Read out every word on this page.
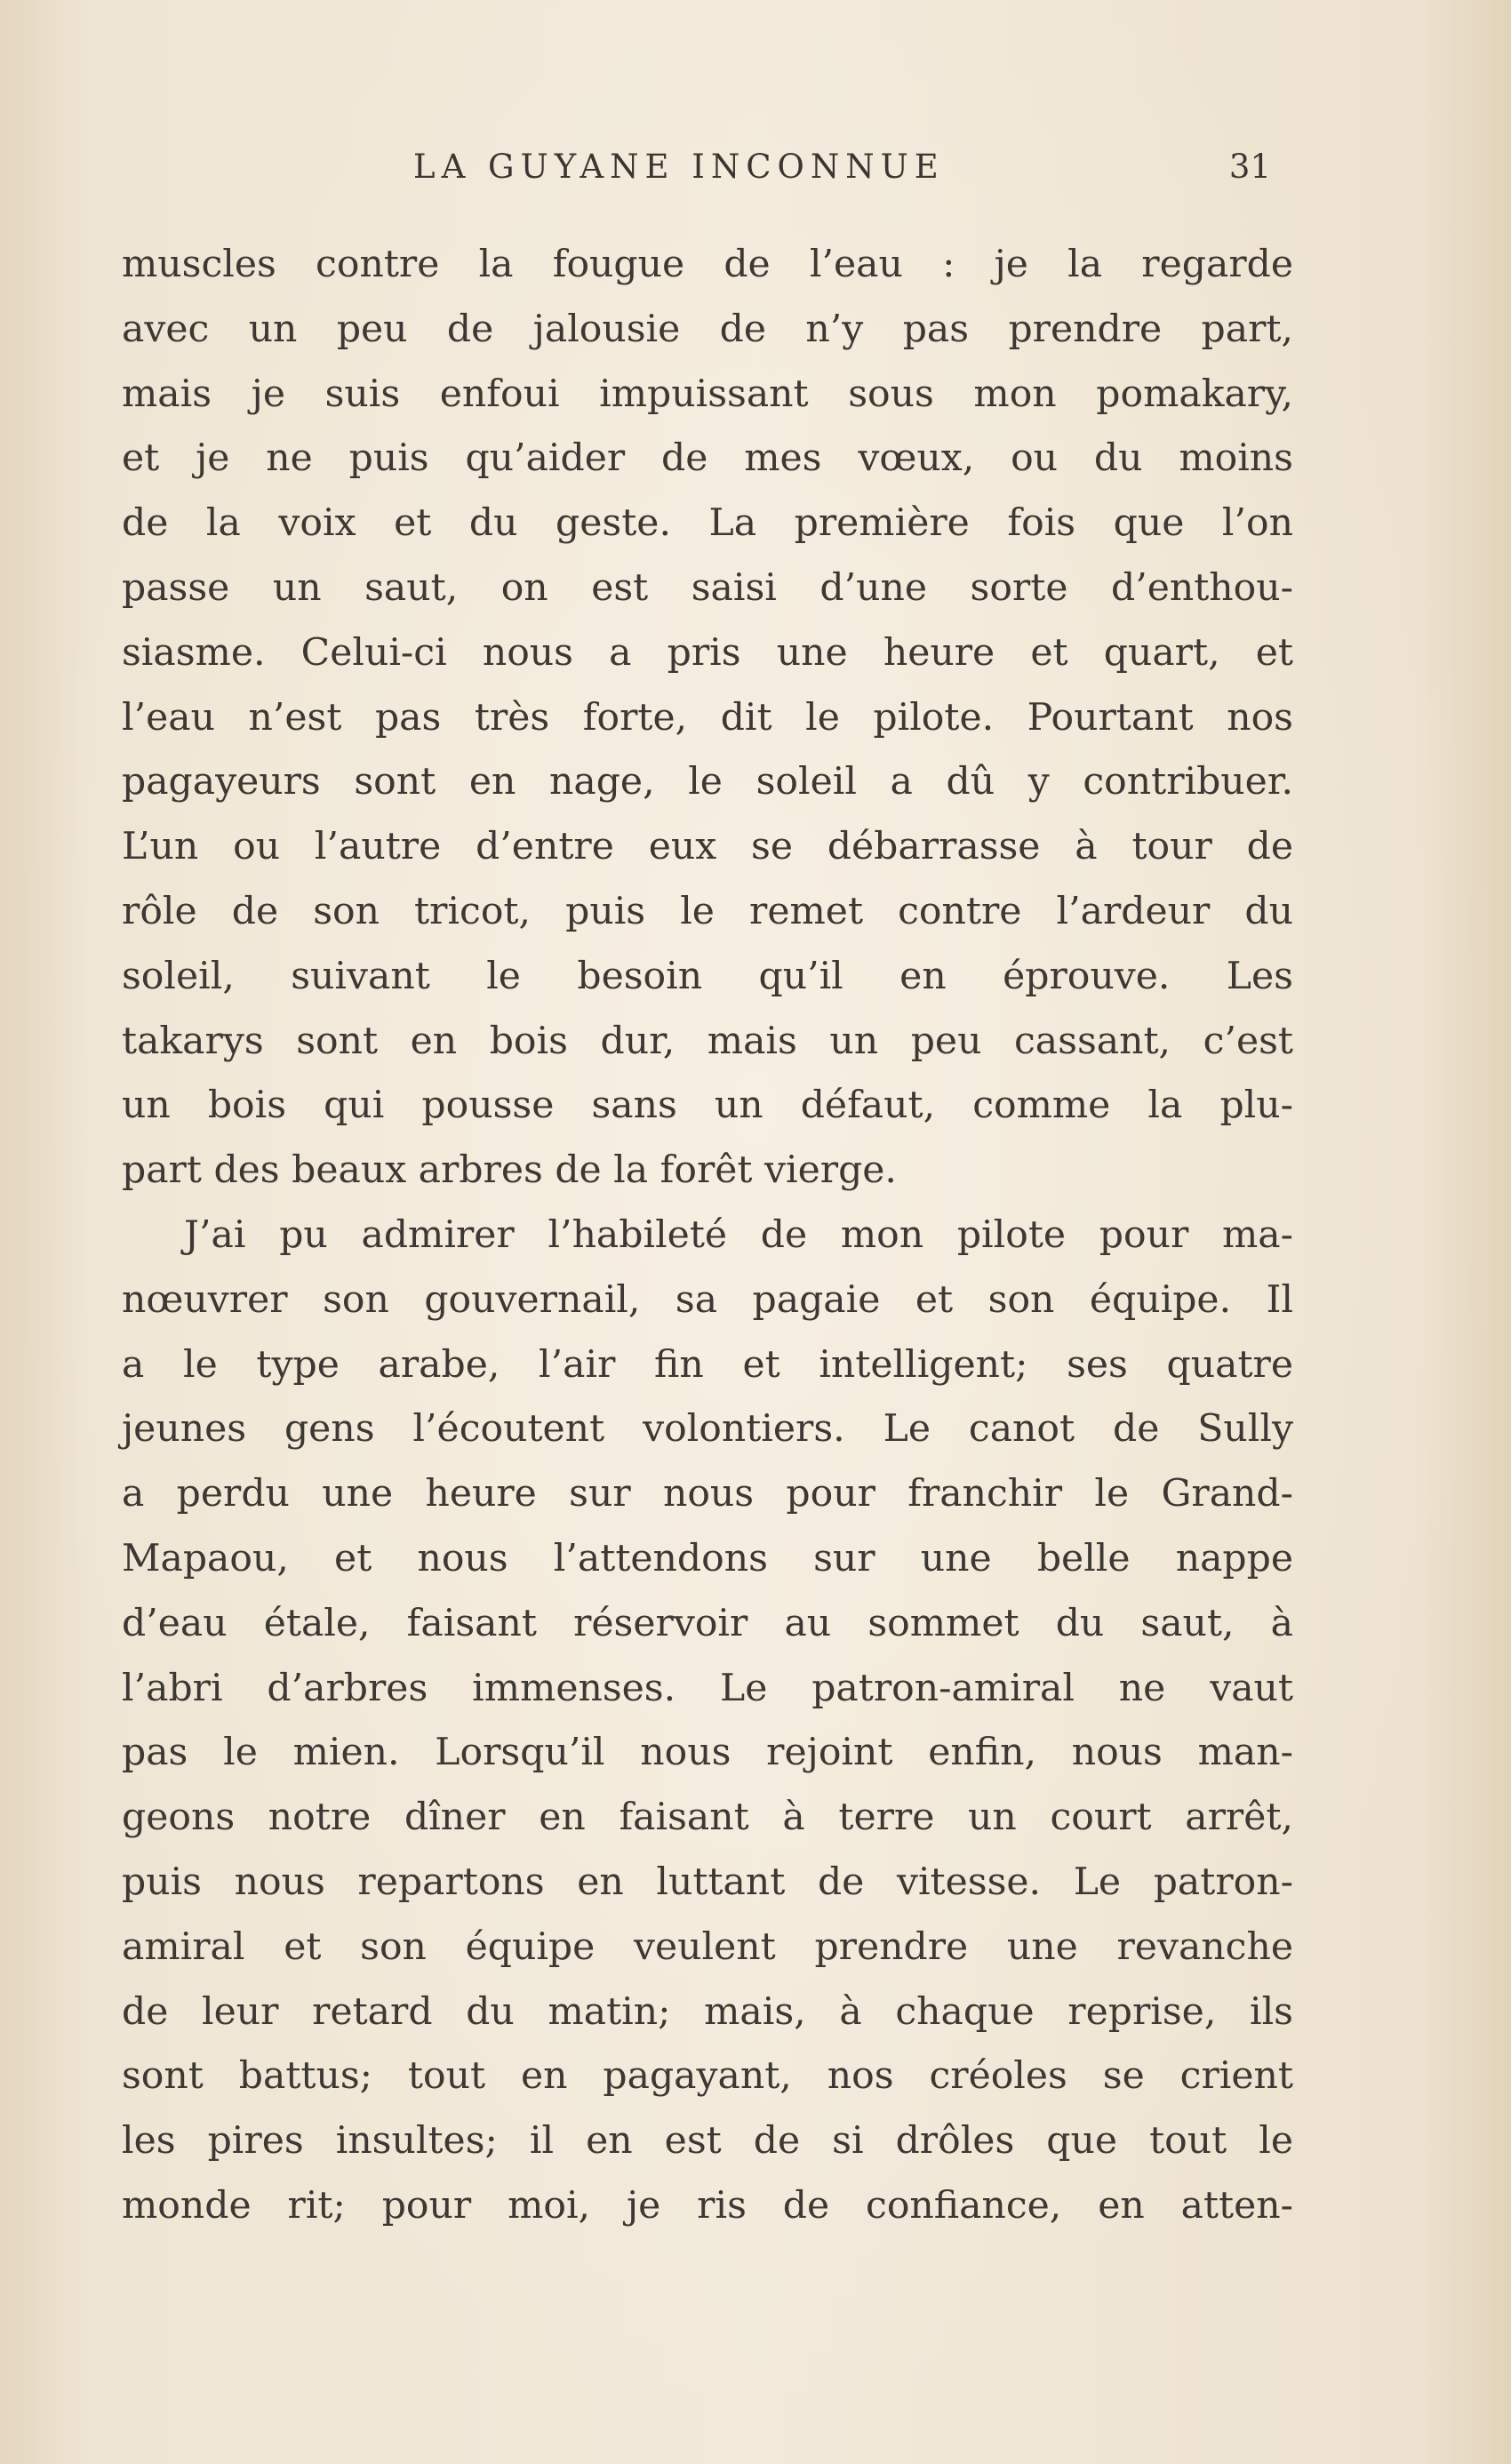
LA GUYANE INCONNUE	31
muscles contre la fougue de l’eau : je la regarde
avec un peu de jalousie de n’y pas prendre part,
mais je suis enfoui impuissant sous mon pomakary,
et je ne puis qu’aider de mes vœux, ou du moins
de la voix et du geste. La première fois que l’on
passe un saut, on est saisi d’une sorte d’enthou-
siasme. Celui-ci nous a pris une heure et quart, et
l’eau n’est pas très forte, dit le pilote. Pourtant nos
pagayeurs sont en nage, le soleil a dû y contribuer.
L’un ou l’autre d’entre eux se débarrasse à tour de
rôle de son tricot, puis le remet contre l’ardeur du
soleil, suivant le besoin qu’il en éprouve. Les
takarys sont en bois dur, mais un peu cassant, c’est
un bois qui pousse sans un défaut, comme la plu-
part des beaux arbres de la forêt vierge.
J’ai pu admirer l’habileté de mon pilote pour ma-
nœuvrer son gouvernail, sa pagaie et son équipe. Il
a le type arabe, l’air fin et intelligent; ses quatre
jeunes gens l’écoutent volontiers. Le canot de Sully
a perdu une heure sur nous pour franchir le Grand-
Mapaou, et nous l’attendons sur une belle nappe
d’eau étale, faisant réservoir au sommet du saut, à
l’abri d’arbres immenses. Le patron-amiral ne vaut
pas le mien. Lorsqu’il nous rejoint enfin, nous man-
geons notre dîner en faisant à terre un court arrêt,
puis nous repartons en luttant de vitesse. Le patron-
amiral et son équipe veulent prendre une revanche
de leur retard du matin; mais, à chaque reprise, ils
sont battus; tout en pagayant, nos créoles se crient
les pires insultes; il en est de si drôles que tout le
monde rit; pour moi, je ris de confiance, en atten-
